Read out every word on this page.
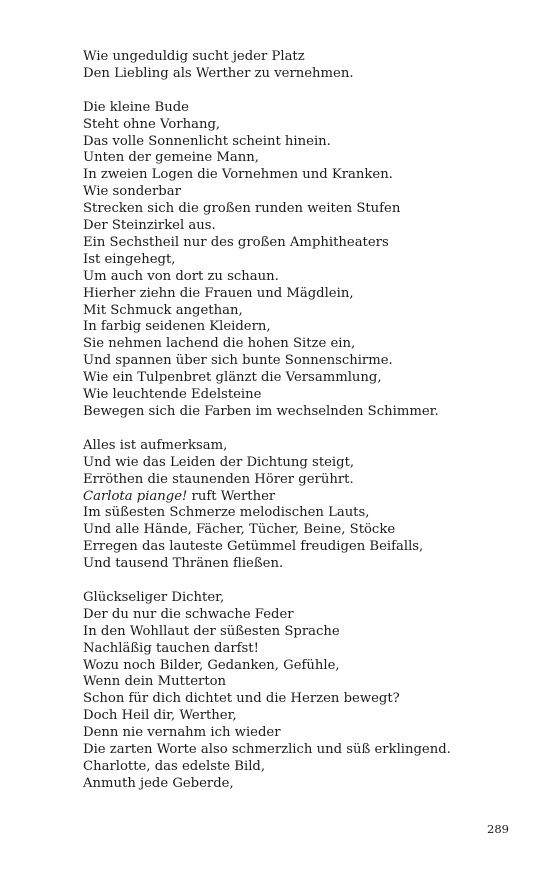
Wie ungeduldig sucht jeder Platz
Den Liebling als Werther zu vernehmen.
Die kleine Bude
Steht ohne Vorhang,
Das volle Sonnenlicht scheint hinein.
Unten der gemeine Mann,
In zweien Logen die Vornehmen und Kranken.
Wie sonderbar
Strecken sich die großen runden weiten Stufen
Der Steinzirkel aus.
Ein Sechstheil nur des großen Amphitheaters
Ist eingehegt,
Um auch von dort zu schaun.
Hierher ziehn die Frauen und Mägdlein,
Mit Schmuck angethan,
In farbig seidenen Kleidern,
Sie nehmen lachend die hohen Sitze ein,
Und spannen über sich bunte Sonnenschirme.
Wie ein Tulpenbret glänzt die Versammlung,
Wie leuchtende Edelsteine
Bewegen sich die Farben im wechselnden Schimmer.
Alles ist aufmerksam,
Und wie das Leiden der Dichtung steigt,
Erröthen die staunenden Hörer gerührt.
Carlota piange! ruft Werther
Im süßesten Schmerze melodischen Lauts,
Und alle Hände, Fächer, Tücher, Beine, Stöcke
Erregen das lauteste Getümmel freudigen Beifalls,
Und tausend Thränen fließen.
Glückseliger Dichter,
Der du nur die schwache Feder
In den Wohllaut der süßesten Sprache
Nachläßig tauchen darfst!
Wozu noch Bilder, Gedanken, Gefühle,
Wenn dein Mutterton
Schon für dich dichtet und die Herzen bewegt?
Doch Heil dir, Werther,
Denn nie vernahm ich wieder
Die zarten Worte also schmerzlich und süß erklingend.
Charlotte, das edelste Bild,
Anmuth jede Geberde,
289
